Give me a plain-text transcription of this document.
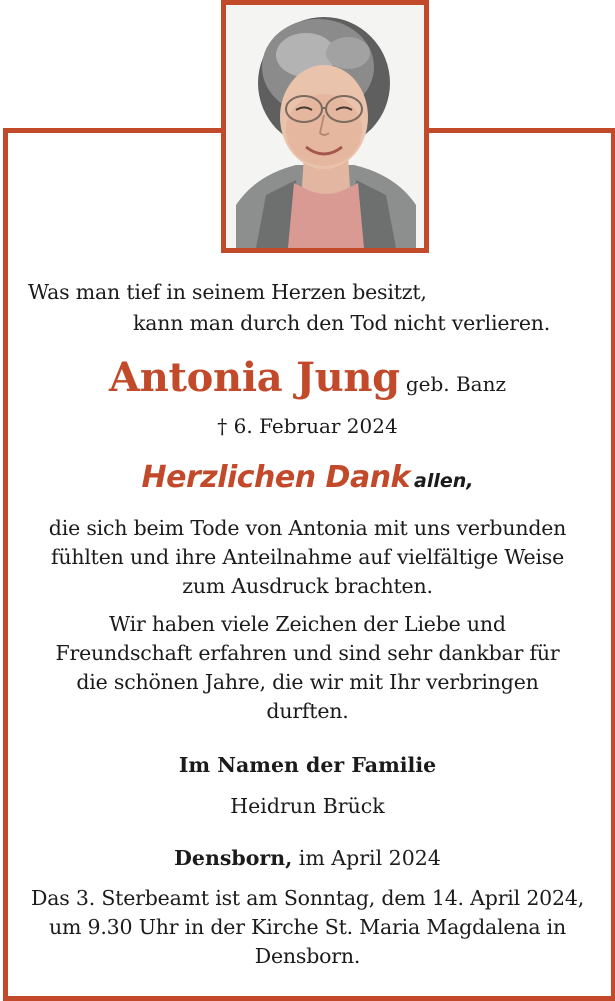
Was man tief in seinem Herzen besitzt,
kann man durch den Tod nicht verlieren.
Antonia Jung geb. Banz
† 6. Februar 2024
Herzlichen Dank allen,
die sich beim Tode von Antonia mit uns verbunden
fühlten und ihre Anteilnahme auf vielfältige Weise
zum Ausdruck brachten.
Wir haben viele Zeichen der Liebe und
Freundschaft erfahren und sind sehr dankbar für
die schönen Jahre, die wir mit Ihr verbringen
durften.
Im Namen der Familie
Heidrun Brück
Densborn, im April 2024
Das 3. Sterbeamt ist am Sonntag, dem 14. April 2024,
um 9.30 Uhr in der Kirche St. Maria Magdalena in
Densborn.
